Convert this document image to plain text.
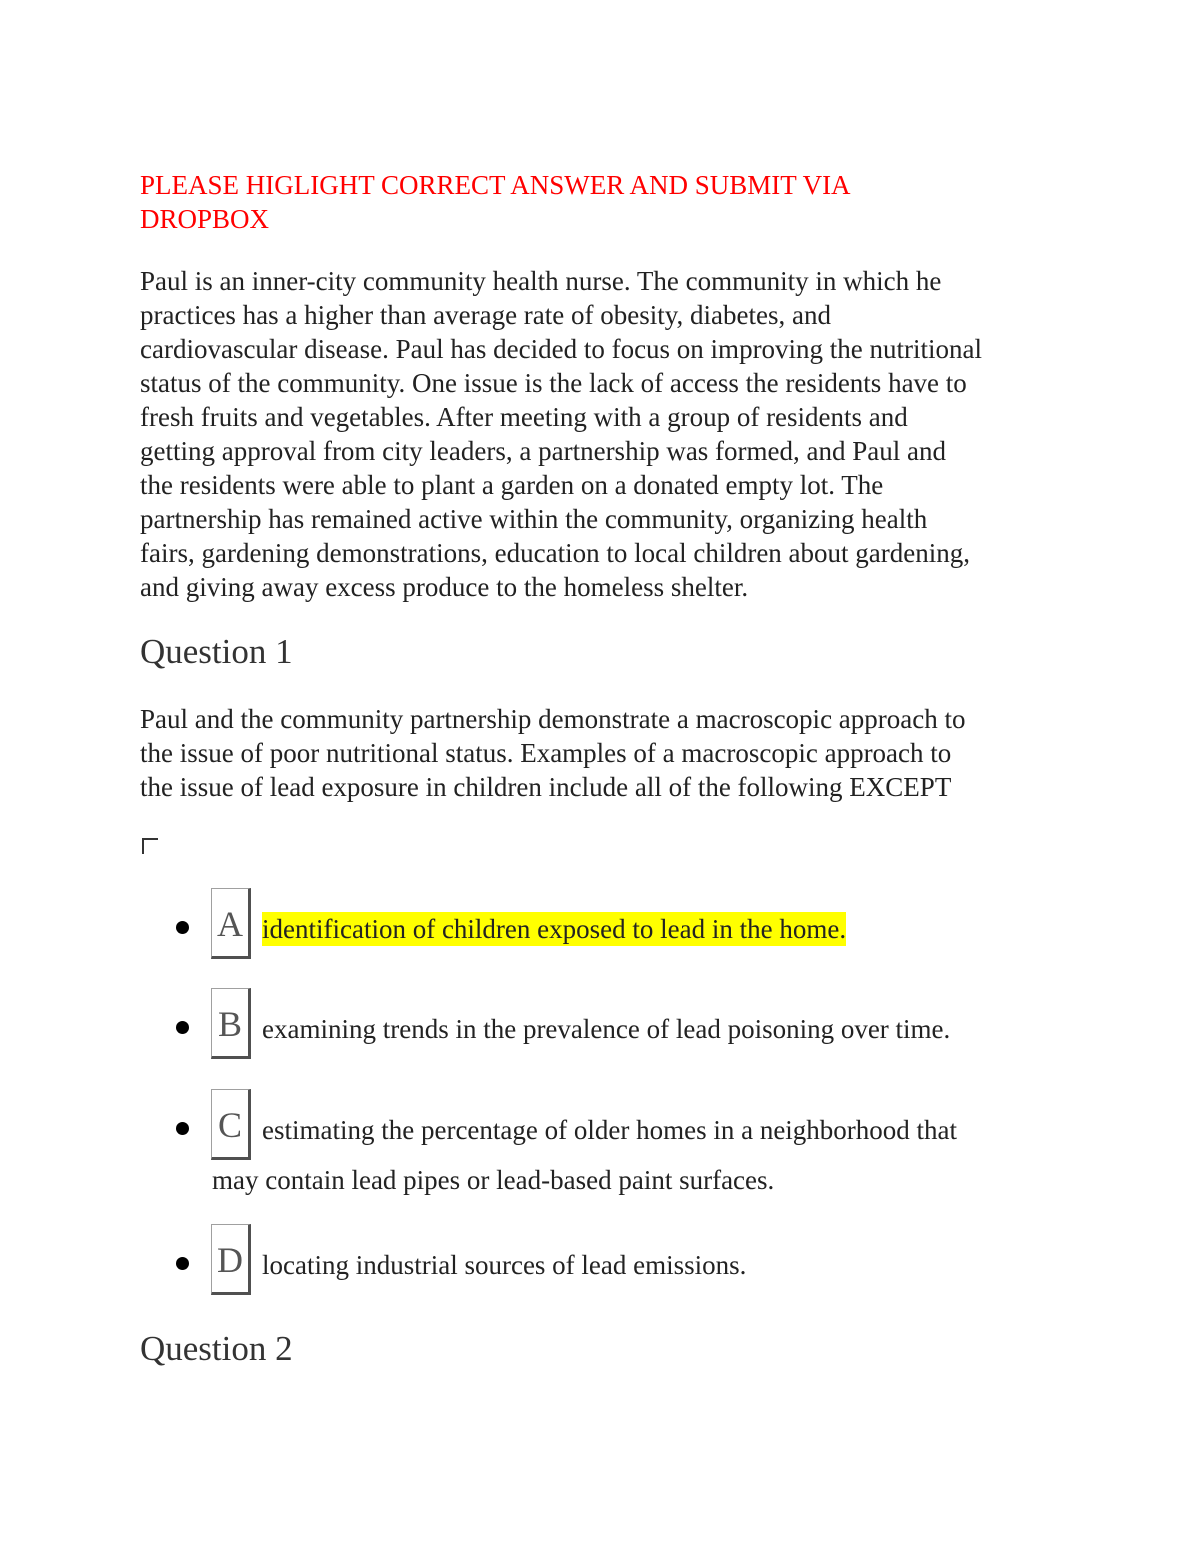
PLEASE HIGLIGHT CORRECT ANSWER AND SUBMIT VIA
DROPBOX
Paul is an inner-city community health nurse. The community in which he
practices has a higher than average rate of obesity, diabetes, and
cardiovascular disease. Paul has decided to focus on improving the nutritional
status of the community. One issue is the lack of access the residents have to
fresh fruits and vegetables. After meeting with a group of residents and
getting approval from city leaders, a partnership was formed, and Paul and
the residents were able to plant a garden on a donated empty lot. The
partnership has remained active within the community, organizing health
fairs, gardening demonstrations, education to local children about gardening,
and giving away excess produce to the homeless shelter.
Question 1
Paul and the community partnership demonstrate a macroscopic approach to
the issue of poor nutritional status. Examples of a macroscopic approach to
the issue of lead exposure in children include all of the following EXCEPT
A identification of children exposed to lead in the home.
B examining trends in the prevalence of lead poisoning over time.
C estimating the percentage of older homes in a neighborhood that
may contain lead pipes or lead-based paint surfaces.
D locating industrial sources of lead emissions.
Question 2
